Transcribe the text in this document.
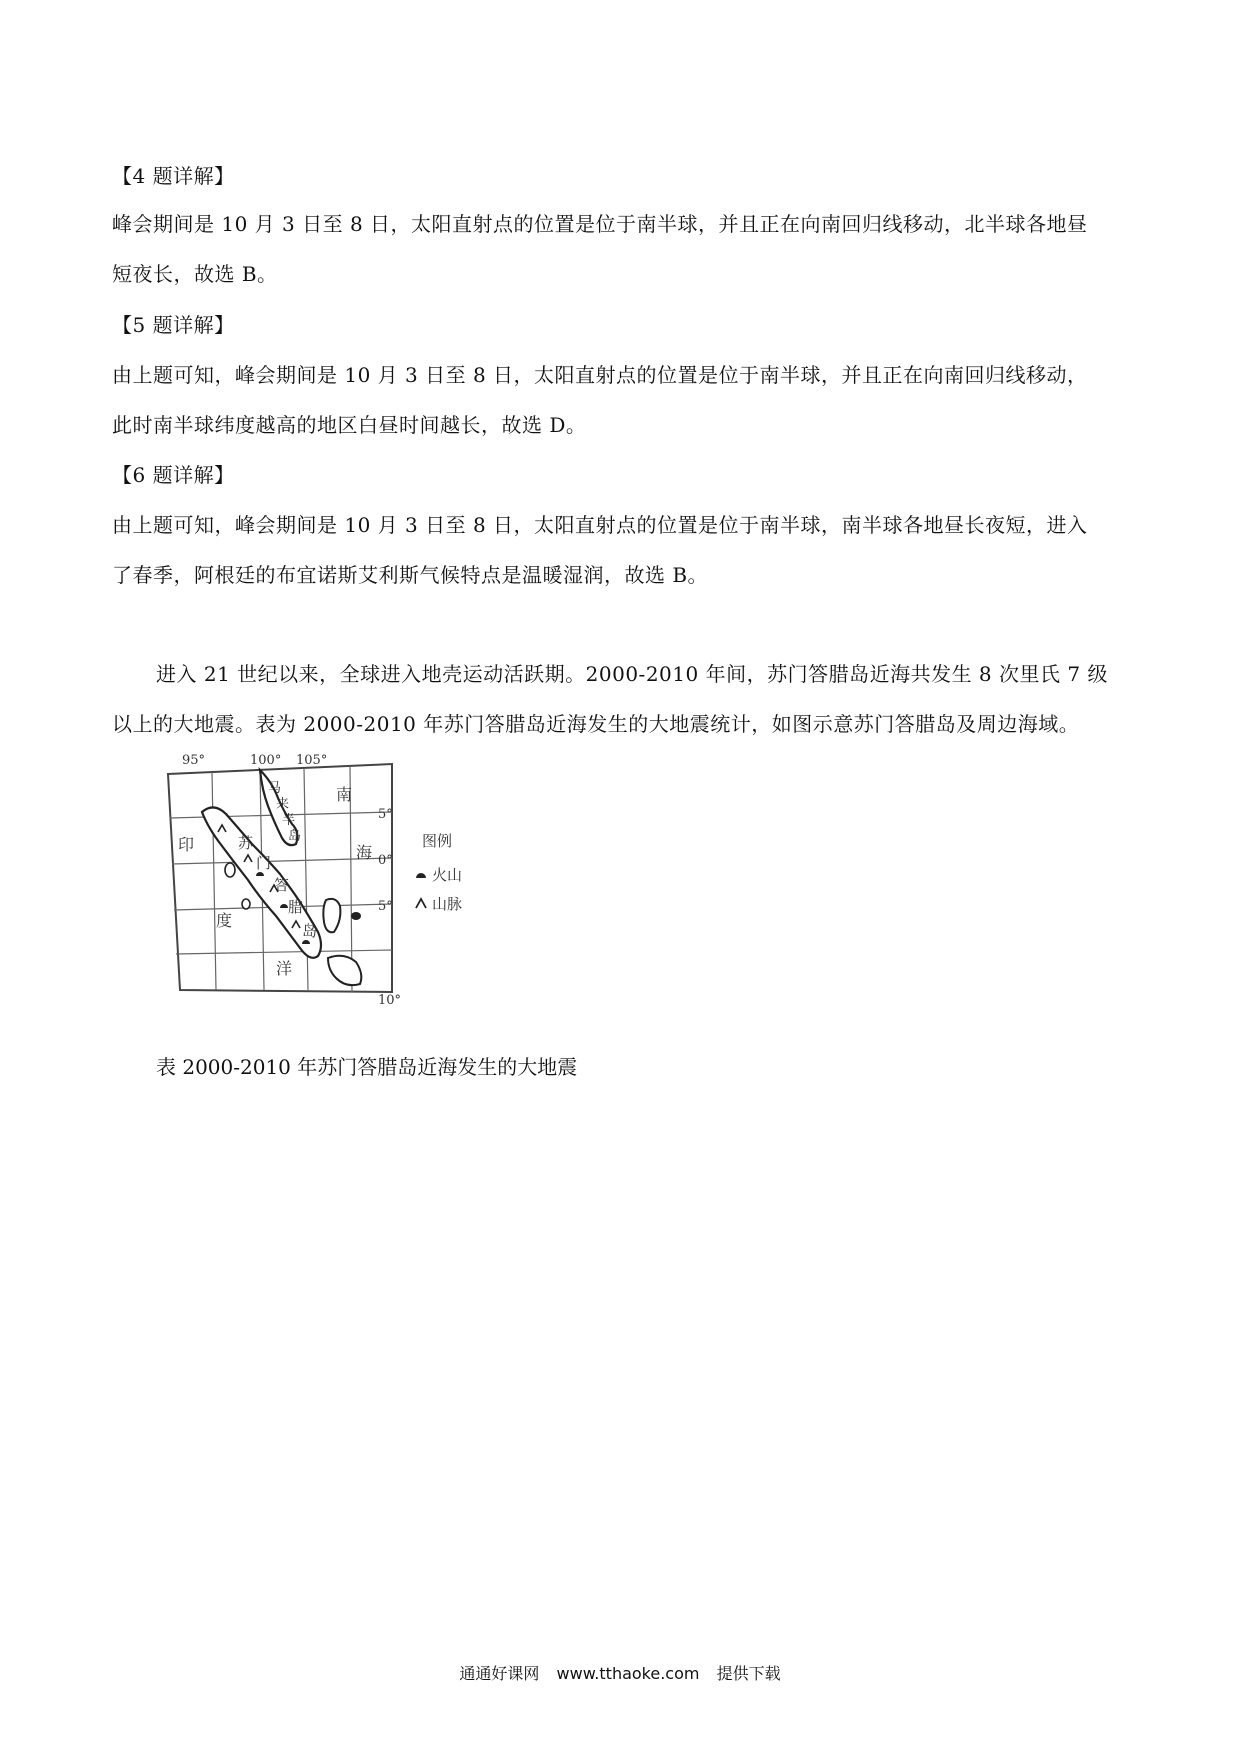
【4 题详解】
峰会期间是 10 月 3 日至 8 日，太阳直射点的位置是位于南半球，并且正在向南回归线移动，北半球各地昼
短夜长，故选 B。
【5 题详解】
由上题可知，峰会期间是 10 月 3 日至 8 日，太阳直射点的位置是位于南半球，并且正在向南回归线移动，
此时南半球纬度越高的地区白昼时间越长，故选 D。
【6 题详解】
由上题可知，峰会期间是 10 月 3 日至 8 日，太阳直射点的位置是位于南半球，南半球各地昼长夜短，进入
了春季，阿根廷的布宜诺斯艾利斯气候特点是温暖湿润，故选 B。
进入 21 世纪以来，全球进入地壳运动活跃期。2000-2010 年间，苏门答腊岛近海共发生 8 次里氏 7 级
以上的大地震。表为 2000-2010 年苏门答腊岛近海发生的大地震统计，如图示意苏门答腊岛及周边海域。
95°	100° 105°
5°
0°
5°
10°
印
度
洋
南
海
苏
门
答
腊
岛
马
来
半
岛	图例
火山
山脉
表 2000-2010 年苏门答腊岛近海发生的大地震
通通好课网 www.tthaoke.com 提供下载
